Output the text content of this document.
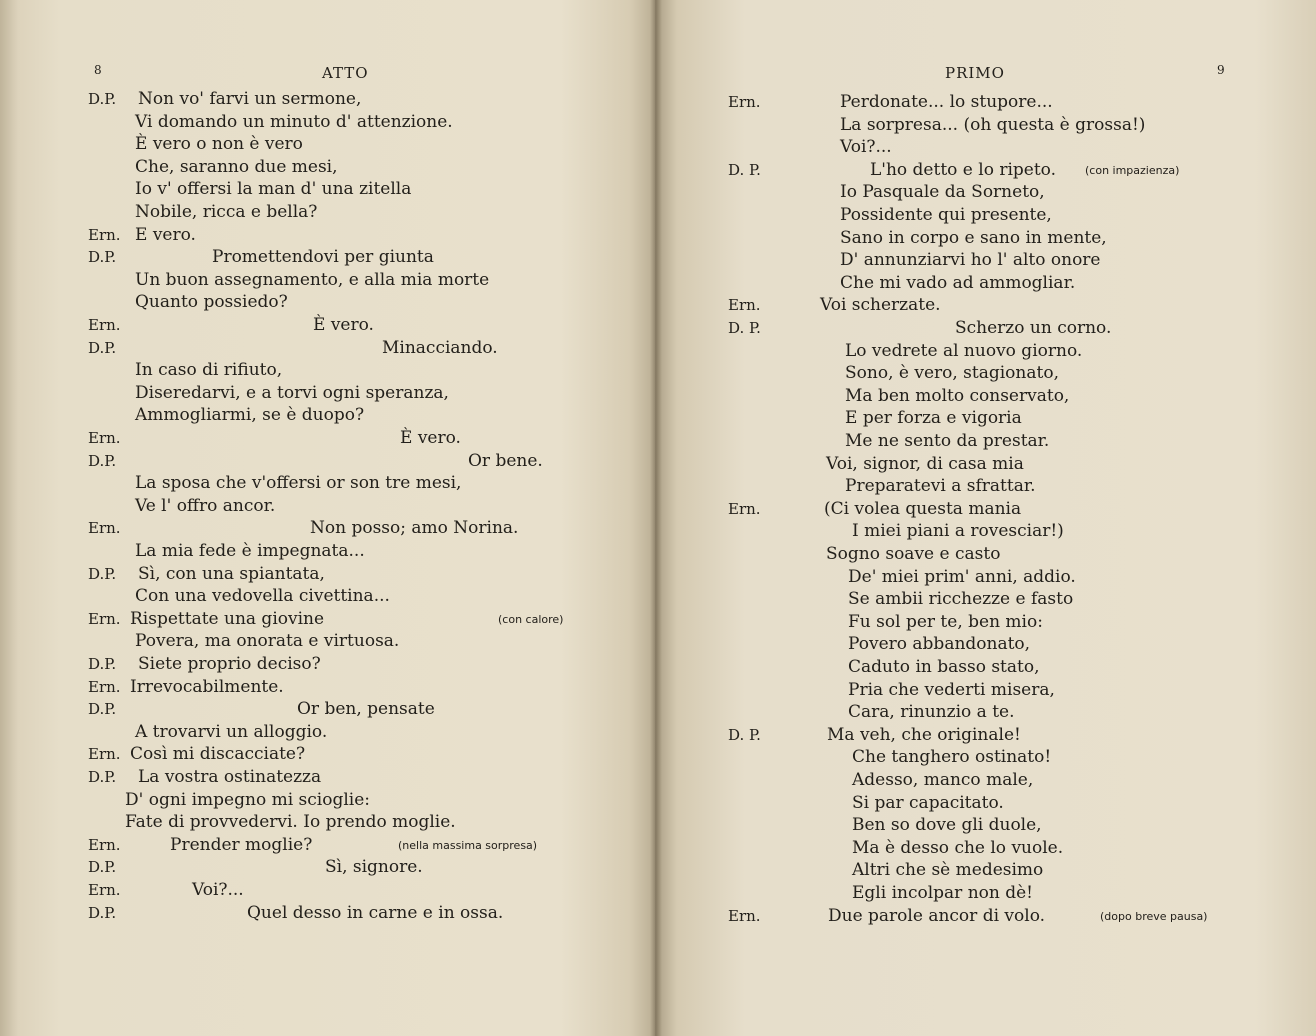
8	ATTO
D.P. Non vo' farvi un sermone,
Vi domando un minuto d' attenzione.
È vero o non è vero
Che, saranno due mesi,
Io v' offersi la man d' una zitella
Nobile, ricca e bella?
Ern. E vero.
D.P.	Promettendovi per giunta
Un buon assegnamento, e alla mia morte
Quanto possiedo?
Ern.	È vero.
D.P.	Minacciando.
In caso di rifiuto,
Diseredarvi, e a torvi ogni speranza,
Ammogliarmi, se è duopo?
Ern.	È vero.
D.P.	Or bene.
La sposa che v'offersi or son tre mesi,
Ve l' offro ancor.
Ern.	Non posso; amo Norina.
La mia fede è impegnata...
D.P. Sì, con una spiantata,
Con una vedovella civettina...
Ern. Rispettate una giovine	(con calore)
Povera, ma onorata e virtuosa.
D.P. Siete proprio deciso?
Ern. Irrevocabilmente.
D.P.	Or ben, pensate
A trovarvi un alloggio.
Ern. Così mi discacciate?
D.P. La vostra ostinatezza
D' ogni impegno mi scioglie:
Fate di provvedervi. Io prendo moglie.
Ern.	Prender moglie?	(nella massima sorpresa)
D.P.	Sì, signore.
Ern.	Voi?...
D.P.	Quel desso in carne e in ossa.
PRIMO	9
Ern.	Perdonate... lo stupore...
La sorpresa... (oh questa è grossa!)
Voi?...
D. P.	L'ho detto e lo ripeto.	(con impazienza)
Io Pasquale da Sorneto,
Possidente qui presente,
Sano in corpo e sano in mente,
D' annunziarvi ho l' alto onore
Che mi vado ad ammogliar.
Ern.	Voi scherzate.
D. P.	Scherzo un corno.
Lo vedrete al nuovo giorno.
Sono, è vero, stagionato,
Ma ben molto conservato,
E per forza e vigoria
Me ne sento da prestar.
Voi, signor, di casa mia
Preparatevi a sfrattar.
Ern.	(Ci volea questa mania
I miei piani a rovesciar!)
Sogno soave e casto
De' miei prim' anni, addio.
Se ambii ricchezze e fasto
Fu sol per te, ben mio:
Povero abbandonato,
Caduto in basso stato,
Pria che vederti misera,
Cara, rinunzio a te.
D. P.	Ma veh, che originale!
Che tanghero ostinato!
Adesso, manco male,
Si par capacitato.
Ben so dove gli duole,
Ma è desso che lo vuole.
Altri che sè medesimo
Egli incolpar non dè!
Ern.	Due parole ancor di volo.	(dopo breve pausa)
